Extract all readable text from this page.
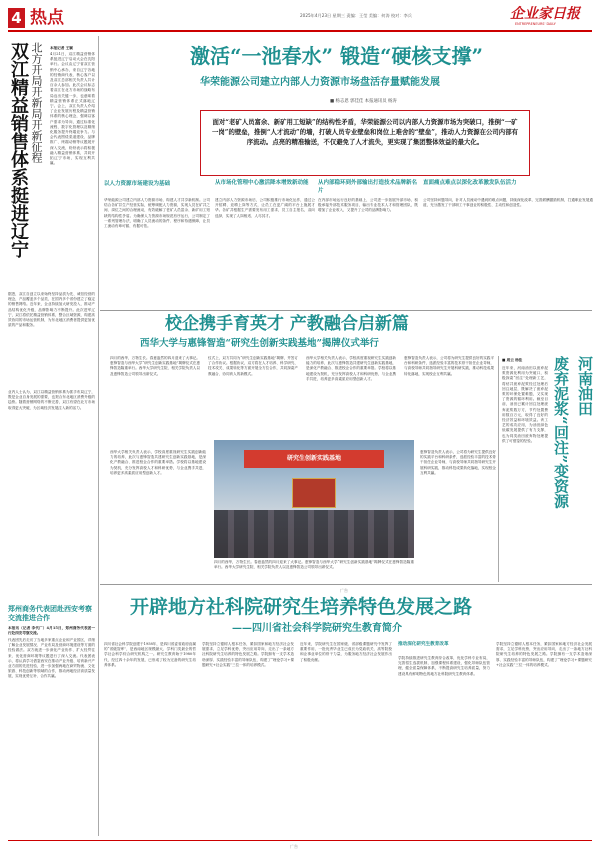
4 热点	2025年4月23日 星期三 责编：王莹 美编：何涛 校对：李兵	企业家日报
ENTREPRENEURS' DAILY
北方开局开新局开新征程
双江精益销售体系挺进辽宁	本报记者 王颖
4月21日，双江精益营销体系挺进辽宁启动大会在沈阳举行。会议由辽宁省双江营销中心承办，来自辽宁各地的经销商代表、核心客户以及双江总部相关负责人共计百余人参加。此次会议标志着双江在北方市场的战略布局迈出关键一步，也意味着精益营销体系正式落地辽宁。会上，双江负责人介绍了企业发展历程及精益营销体系的核心理念，强调以客户需求为导向，通过标准化流程、数字化管理以及精细化服务提升终端竞争力。与会代表围绕渠道建设、品牌推广、终端动销等议题展开深入交流，纷纷表示将积极融入精益营销体系，共同开拓辽宁市场，实现互利共赢。
据悉，双江自创立以来始终坚持品质为先、诚信经营的理念，产品覆盖多个品类，在国内多个省份建立了稳定的销售网络。近年来，企业持续加大研发投入，推动产品结构优化升级，品牌影响力不断提升。此次进军辽宁，双江将依托精益营销体系，整合区域资源，构建高效协同的市场运营机制，为东北地区消费者提供更加优质的产品和服务。
业内人士认为，双江以精益营销体系为抓手布局辽宁，既是企业自身发展的需要，也契合东北地区消费升级的趋势。随着营销网络的不断完善，双江有望在北方市场取得更大突破，为区域经济发展注入新的活力。
郑州商务代表团赴西安考察交流推进合作
本报讯（记者 李代广）4月15日，郑州商务代表团一行赴西安考察交流。
代表团先后走访了当地多家重点企业和产业园区，详细了解企业发展情况、产业布局及营商环境建设等方面的经验做法。双方就进一步深化产业协作、扩大经贸往来、优化营商环境等议题进行了深入交流。代表团表示，将认真学习借鉴西安在推动产业升级、培育新兴产业方面的先进经验，进一步加强两地在商贸物流、文化旅游、科技创新等领域的合作，推动两地经济高质量发展，实现优势互补、合作共赢。
激活“一池春水” 锻造“硬核支撑”
华荣能源公司建立内部人力资源市场盘活存量赋能发展
■ 杨志恩 郭佳佳 本报通讯员 杨涛
面对“老矿人员富余、新矿用工短缺”的结构性矛盾，华荣能源公司以内部人力资源市场为突破口，推倒“一矿一岗”的壁垒，推倒“人才流动”的墙，打破人员专业壁垒和岗位上难舍的“壁垒”，推动人力资源在公司内部有序流动。点亮的精准输送，不仅避免了人才流失，更实现了集团整体效益的最大化。
以人力资源市场建设为基础
华荣能源公司建立内部人力资源市场，构建人才共享新机制。公司结合各矿井生产经营实际，统筹调配人力资源，实现人员在矿井之间、岗位之间的合理流动，有效破解了老矿人员富余、新矿用工短缺的结构性矛盾。为确保人力资源市场规范有序运行，公司制定了一系列管理办法，明确了人员流动的条件、程序和待遇保障，让员工流动有章可循、有据可依。
从市场化管理中心激活降本增效新动能
建立内部人力资源市场后，公司积极推行市场化运作，通过公开招聘、竞聘上岗等方式，让员工在更广阔的平台上施展才华。各矿井根据生产需要发布用工需求，员工自主报名，双向选择，实现了人岗相适、人尽其才。
从内部稳环到外部输出打造技术品牌新名片
在内部市场运行良好的基础上，公司进一步拓展外部市场，积极承接外部技术服务项目，输出专业技术人才和管理团队，既增加了企业收入，又提升了公司的品牌影响力。
直面痛点难点以深化改革激发队伍活力
公司坚持问题导向，针对人员流动中遇到的难点问题，持续深化改革，完善薪酬激励机制，打通职业发展通道，充分激发了干部职工干事创业的积极性、主动性和创造性。
校企携手育英才 产教融合启新篇
西华大学与惠锋智造“研究生创新实践基地”揭牌仪式举行
四月的西华，万物生长。春意盎然的四月迎来了大事记。惠锋智造与西华大学“研究生创新实践基地”揭牌仪式在惠锋智造隆重举行。西华大学研究生院、相关学院负责人以及惠锋智造公司领导出席仪式。
仪式上，双方共同为“研究生创新实践基地”揭牌，并签订了合作协议。根据协议，双方将在人才培养、科学研究、技术攻关、成果转化等方面开展全方位合作，共同探索产教融合、协同育人的新模式。
西华大学相关负责人表示，学校高度重视研究生实践创新能力的培养，此次与惠锋智造共建研究生创新实践基地，是深化产教融合、推进校企合作的重要举措。学校将以基地建设为契机，充分发挥高校人才和科研优势，与企业携手共进，培养更多高素质应用型创新人才。
惠锋智造负责人表示，公司将为研究生提供良好的实践平台和科研条件，选派经验丰富的技术骨干担任企业导师，与高校导师共同指导研究生开展科研实践，推动科技成果转化落地，实现校企互利共赢。
研究生创新实践基地
西华大学相关负责人表示，学校高度重视研究生实践创新能力的培养，此次与惠锋智造共建研究生创新实践基地，是深化产教融合、推进校企合作的重要举措。学校将以基地建设为契机，充分发挥高校人才和科研优势，与企业携手共进，培养更多高素质应用型创新人才。
惠锋智造负责人表示，公司将为研究生提供良好的实践平台和科研条件，选派经验丰富的技术骨干担任企业导师，与高校导师共同指导研究生开展科研实践，推动科技成果转化落地，实现校企互利共赢。
四月的西华，万物生长。春意盎然的四月迎来了大事记。惠锋智造与西华大学“研究生创新实践基地”揭牌仪式在惠锋智造隆重举行。西华大学研究生院、相关学院负责人以及惠锋智造公司领导出席仪式。
河南油田
废弃泥浆“回注”变资源
■ 周云 杨佳
近年来，河南油田以废弃泥浆资源化利用为突破口，积极探索“回注”处理新工艺，将钻井废弃泥浆经过处理后回注地层，既解决了废弃泥浆的环保处置难题，又实现了资源的循环利用。截至目前，油田已累计回注处理废弃泥浆数万方，节约处置费用数百万元，取得了良好的经济效益和环境效益。该工艺的成功应用，为油田绿色低碳发展提供了有力支撑，也为同类油田废弃物处理提供了可借鉴的经验。
广告
开辟地方社科院研究生培养特色发展之路
——四川省社会科学院研究生教育简介
四川省社会科学院创建于1958年，是四川省委省政府直属的“省级智库”，是西南地区规模最大、学科门类最全的哲学社会科学综合研究机构之一。研究生教育始于1980年代，经过四十余年的发展，已形成了较为完备的研究生培养体系。
学院坚持立德树人根本任务，紧扣国家和地方经济社会发展需求，立足学科优势，突出应用导向，走出了一条地方社科院研究生培养的特色发展之路。学院拥有一支学术造诣深厚、实践经验丰富的导师队伍，构建了“理论学习+课题研究+社会实践”三位一体的培养模式。
近年来，学院研究生在国家级、省部级课题研究中发挥了重要作用，一批优秀毕业生已成长为党政机关、高等院校和企事业单位的骨干力量，为服务地方经济社会发展作出了积极贡献。
推动深化研究生教育改革
学院持续推进研究生教育综合改革，优化学科专业布局，完善招生选拔机制，加强课程体系建设，强化导师队伍管理，健全质量保障体系，不断提高研究生培养质量，努力建设具有鲜明特色的地方社科院研究生教育体系。
学院坚持立德树人根本任务，紧扣国家和地方经济社会发展需求，立足学科优势，突出应用导向，走出了一条地方社科院研究生培养的特色发展之路。学院拥有一支学术造诣深厚、实践经验丰富的导师队伍，构建了“理论学习+课题研究+社会实践”三位一体的培养模式。
广告
